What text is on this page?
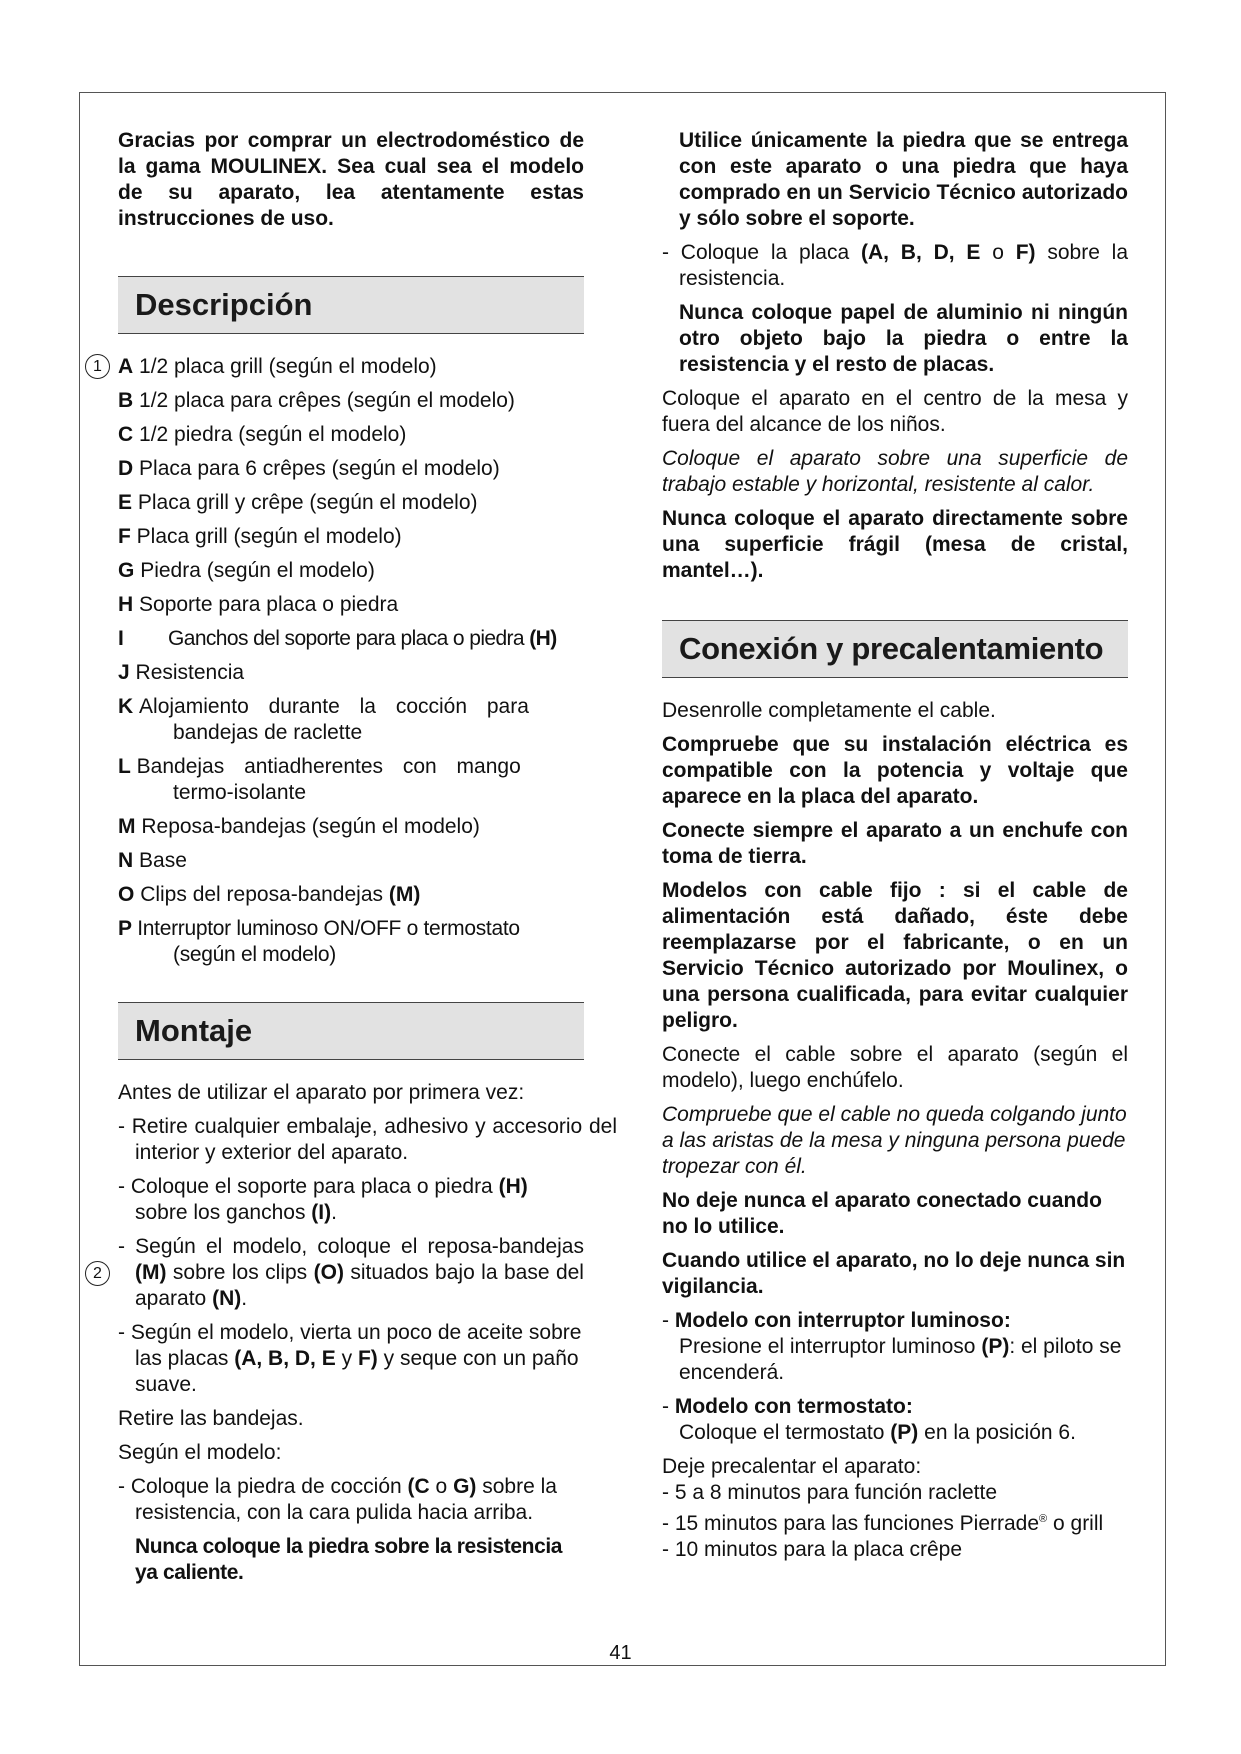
Gracias por comprar un electrodoméstico de la gama MOULINEX. Sea cual sea el modelo de su aparato, lea atentamente estas instrucciones de uso.

Descripción
1 A 1/2 placa grill (según el modelo)
B 1/2 placa para crêpes (según el modelo)
C 1/2 piedra (según el modelo)
D Placa para 6 crêpes (según el modelo)
E Placa grill y crêpe (según el modelo)
F Placa grill (según el modelo)
G Piedra (según el modelo)
H Soporte para placa o piedra
I Ganchos del soporte para placa o piedra (H)
J Resistencia
K Alojamiento durante la cocción para
bandejas de raclette
L Bandejas antiadherentes con mango
termo-isolante
M Reposa-bandejas (según el modelo)
N Base
O Clips del reposa-bandejas (M)
P Interruptor luminoso ON/OFF o termostato
(según el modelo)
Montaje

Antes de utilizar el aparato por primera vez:

- Retire cualquier embalaje, adhesivo y accesorio del interior y exterior del aparato.

- Coloque el soporte para placa o piedra (H) sobre los ganchos (I).

2
- Según el modelo, coloque el reposa-bandejas (M) sobre los clips (O) situados bajo la base del aparato (N).

- Según el modelo, vierta un poco de aceite sobre las placas (A, B, D, E y F) y seque con un paño suave.

Retire las bandejas.

Según el modelo:

- Coloque la piedra de cocción (C o G) sobre la resistencia, con la cara pulida hacia arriba.

Nunca coloque la piedra sobre la resistencia ya caliente.

Utilice únicamente la piedra que se entrega con este aparato o una piedra que haya comprado en un Servicio Técnico autorizado y sólo sobre el soporte.

- Coloque la placa (A, B, D, E o F) sobre la resistencia.

Nunca coloque papel de aluminio ni ningún otro objeto bajo la piedra o entre la resistencia y el resto de placas.

Coloque el aparato en el centro de la mesa y fuera del alcance de los niños.

Coloque el aparato sobre una superficie de trabajo estable y horizontal, resistente al calor.

Nunca coloque el aparato directamente sobre una superficie frágil (mesa de cristal, mantel…).

Conexión y precalentamiento

Desenrolle completamente el cable.

Compruebe que su instalación eléctrica es compatible con la potencia y voltaje que aparece en la placa del aparato.

Conecte siempre el aparato a un enchufe con toma de tierra.

Modelos con cable fijo : si el cable de alimentación está dañado, éste debe reemplazarse por el fabricante, o en un Servicio Técnico autorizado por Moulinex, o una persona cualificada, para evitar cualquier peligro.

Conecte el cable sobre el aparato (según el modelo), luego enchúfelo.

Compruebe que el cable no queda colgando junto a las aristas de la mesa y ninguna persona puede tropezar con él.

No deje nunca el aparato conectado cuando no lo utilice.

Cuando utilice el aparato, no lo deje nunca sin vigilancia.

- Modelo con interruptor luminoso:

Presione el interruptor luminoso (P): el piloto se encenderá.

- Modelo con termostato:

Coloque el termostato (P) en la posición 6.

Deje precalentar el aparato:

- 5 a 8 minutos para función raclette
- 15 minutos para las funciones Pierrade® o grill
- 10 minutos para la placa crêpe
41
